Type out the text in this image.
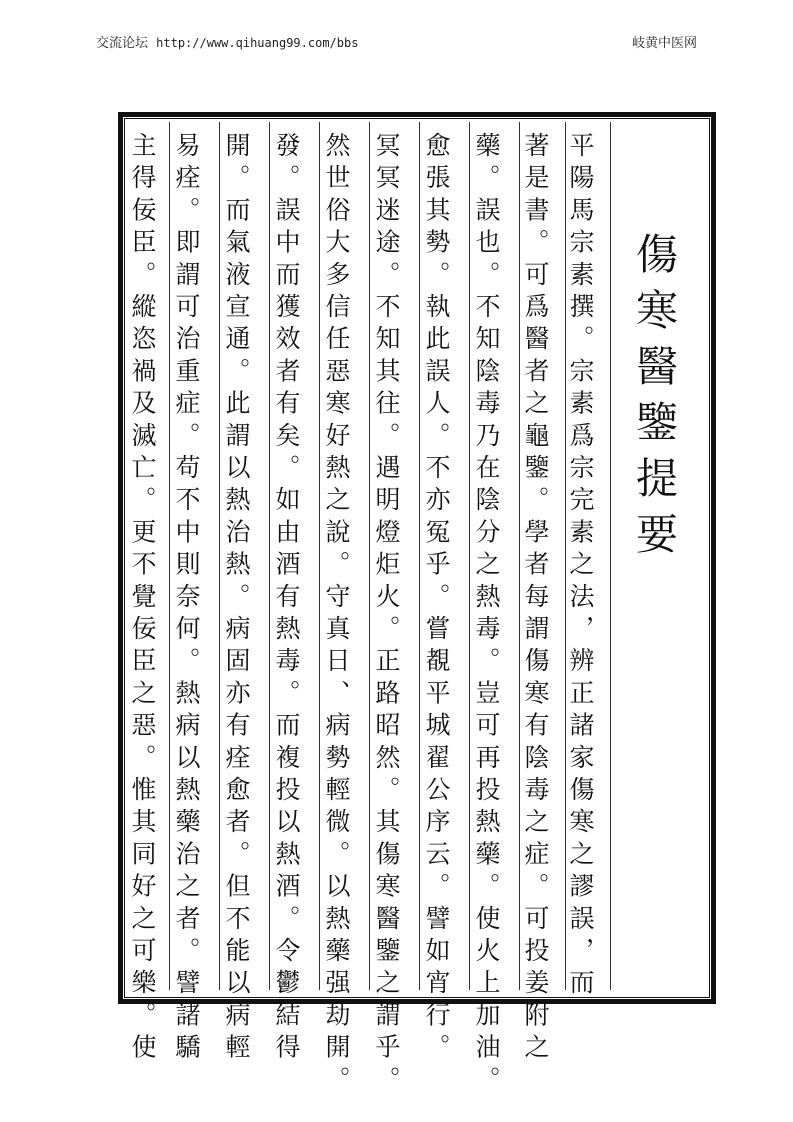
交流论坛 http://www.qihuang99.com/bbs	岐黄中医网
傷寒醫鑒提要
平陽馬宗素撰。宗素爲宗完素之法，辨正諸家傷寒之謬誤，而
著是書。可爲醫者之龜鑒。學者每謂傷寒有陰毒之症。可投姜附之
藥。誤也。不知陰毒乃在陰分之熱毒。豈可再投熱藥。使火上加油。
愈張其勢。執此誤人。不亦冤乎。嘗覩平城翟公序云。譬如宵行。
冥冥迷途。不知其往。遇明燈炬火。正路昭然。其傷寒醫鑒之謂乎。
然世俗大多信任惡寒好熱之說。守真日、病勢輕微。以熱藥强劫開。
發。誤中而獲效者有矣。如由酒有熱毒。而複投以熱酒。令鬱結得
開。而氣液宣通。此謂以熱治熱。病固亦有痊愈者。但不能以病輕
易痊。即謂可治重症。苟不中則奈何。熱病以熱藥治之者。譬諸驕
主得佞臣。縱恣禍及滅亡。更不覺佞臣之惡。惟其同好之可樂。使
